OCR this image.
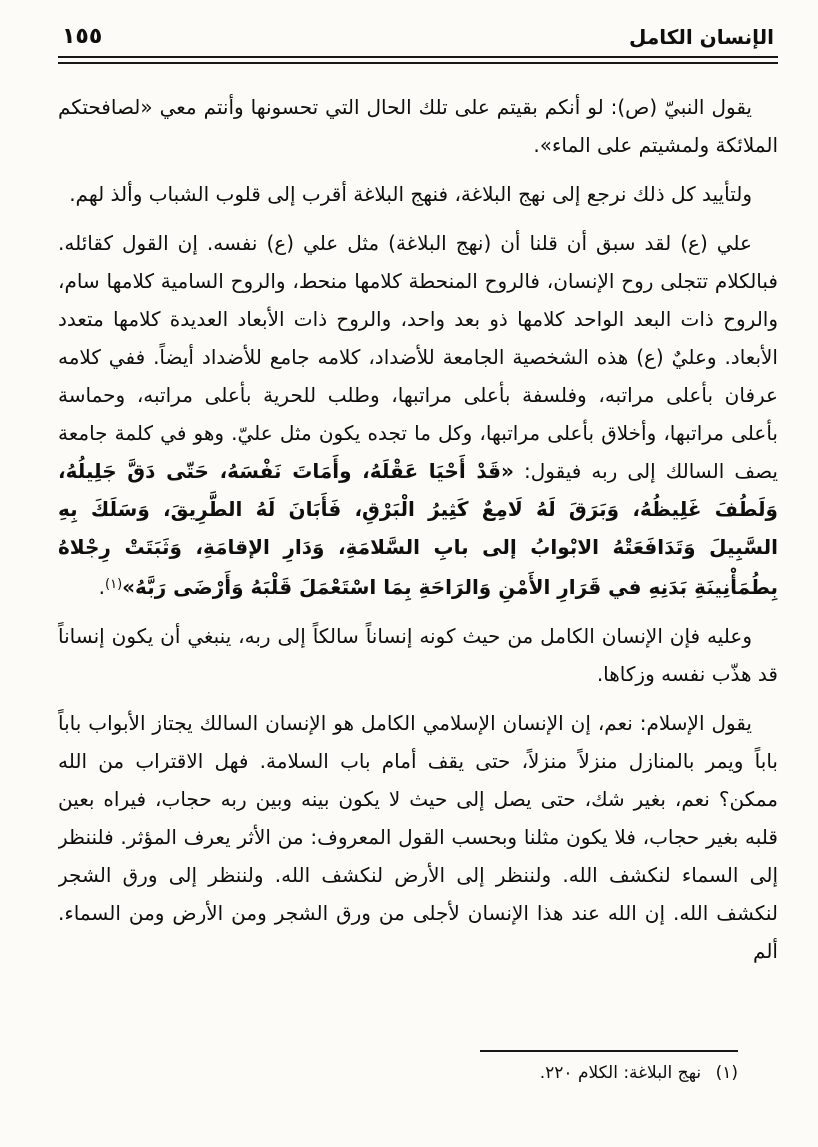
الإنسان الكامل
١٥٥

يقول النبيّ (ص): لو أنكم بقيتم على تلك الحال التي تحسونها وأنتم معي «لصافحتكم الملائكة ولمشيتم على الماء».

ولتأييد كل ذلك نرجع إلى نهج البلاغة، فنهج البلاغة أقرب إلى قلوب الشباب وألذ لهم.

علي (ع) لقد سبق أن قلنا أن (نهج البلاغة) مثل علي (ع) نفسه. إن القول كقائله. فبالكلام تتجلى روح الإنسان، فالروح المنحطة كلامها منحط، والروح السامية كلامها سام، والروح ذات البعد الواحد كلامها ذو بعد واحد، والروح ذات الأبعاد العديدة كلامها متعدد الأبعاد. وعليٌ (ع) هذه الشخصية الجامعة للأضداد، كلامه جامع للأضداد أيضاً. ففي كلامه عرفان بأعلى مراتبه، وفلسفة بأعلى مراتبها، وطلب للحرية بأعلى مراتبه، وحماسة بأعلى مراتبها، وأخلاق بأعلى مراتبها، وكل ما تجده يكون مثل عليّ. وهو في كلمة جامعة يصف السالك إلى ربه فيقول: «قَدْ أَحْيَا عَقْلَهُ، وأَمَاتَ نَفْسَهُ، حَتّى دَقَّ جَلِيلُهُ، وَلَطُفَ غَلِيظُهُ، وَبَرَقَ لَهُ لَامِعٌ كَثِيرُ الْبَرْقِ، فَأَبَانَ لَهُ الطَّرِيقَ، وَسَلَكَ بِهِ السَّبِيلَ وَتَدَافَعَتْهُ الابْوابُ إلى بابِ السَّلامَةِ، وَدَارِ الإقامَةِ، وَثَبَتَتْ رِجْلاهُ بِطُمَأْنِينَةِ بَدَنِهِ في قَرَارِ الأَمْنِ وَالرَاحَةِ بِمَا اسْتَعْمَلَ قَلْبَهُ وَأَرْضَى رَبَّهُ»$^{(١)}$.

وعليه فإن الإنسان الكامل من حيث كونه إنساناً سالكاً إلى ربه، ينبغي أن يكون إنساناً قد هذّب نفسه وزكاها.

يقول الإسلام: نعم، إن الإنسان الإسلامي الكامل هو الإنسان السالك يجتاز الأبواب باباً باباً ويمر بالمنازل منزلاً منزلاً، حتى يقف أمام باب السلامة. فهل الاقتراب من الله ممكن؟ نعم، بغير شك، حتى يصل إلى حيث لا يكون بينه وبين ربه حجاب، فيراه بعين قلبه بغير حجاب، فلا يكون مثلنا وبحسب القول المعروف: من الأثر يعرف المؤثر. فلننظر إلى السماء لنكشف الله. ولننظر إلى الأرض لنكشف الله. ولننظر إلى ورق الشجر لنكشف الله. إن الله عند هذا الإنسان لأجلى من ورق الشجر ومن الأرض ومن السماء. ألم

(١) نهج البلاغة: الكلام ٢٢٠.
